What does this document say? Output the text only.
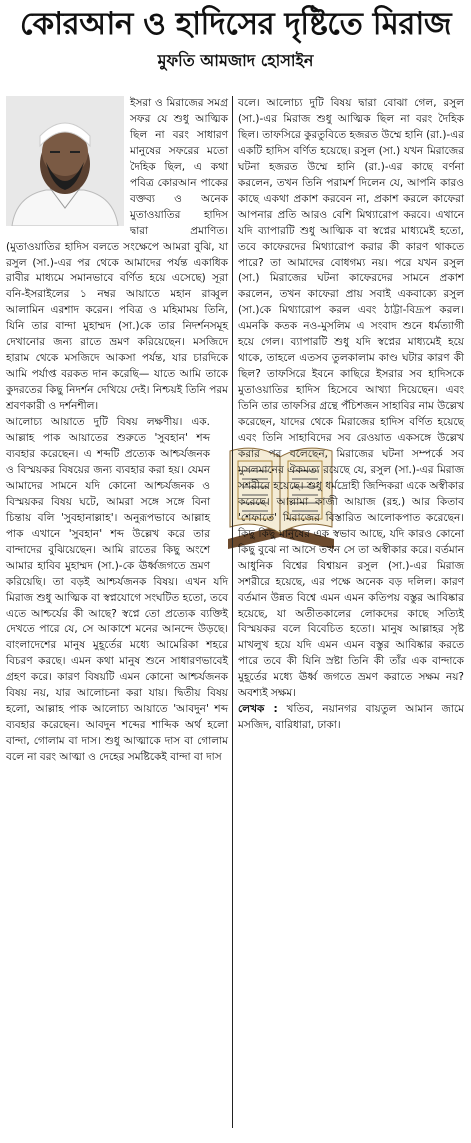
কোরআন ও হাদিসের দৃষ্টিতে মিরাজ
মুফতি আমজাদ হোসাইন

ইসরা ও মিরাজের সমগ্র সফর যে শুধু আত্মিক ছিল না বরং সাধারণ মানুষের সফরের মতো দৈহিক ছিল, এ কথা পবিত্র কোরআন পাকের বক্তব্য ও অনেক মুতাওয়াতির হাদিস দ্বারা প্রমাণিত। (মুতাওয়াতির হাদিস বলতে সংক্ষেপে আমরা বুঝি, যা রসুল (সা.)-এর পর থেকে আমাদের পর্যন্ত একাধিক রাবীর মাধ্যমে সমানভাবে বর্ণিত হয়ে এসেছে) সূরা বনি-ইসরাইলের ১ নম্বর আয়াতে মহান রাব্বুল আলামিন এরশাদ করেন। পবিত্র ও মহিমাময় তিনি, যিনি তার বান্দা মুহাম্মদ (সা.)কে তার নিদর্শনসমূহ দেখানোর জন্য রাতে ভ্রমণ করিয়েছেন। মসজিদে হারাম থেকে মসজিদে আকসা পর্যন্ত, যার চারদিকে আমি পর্যাপ্ত বরকত দান করেছি— যাতে আমি তাকে কুদরতের কিছু নিদর্শন দেখিয়ে দেই। নিশ্চয়ই তিনি পরম শ্রবণকারী ও দর্শনশীল।

আলোচ্য আয়াতে দুটি বিষয় লক্ষণীয়। এক. আল্লাহ পাক আয়াতের শুরুতে 'সুবহান' শব্দ ব্যবহার করেছেন। এ শব্দটি প্রত্যেক আশ্চর্যজনক ও বিস্ময়কর বিষয়ের জন্য ব্যবহার করা হয়। যেমন আমাদের সামনে যদি কোনো আশ্চর্যজনক ও বিস্ময়কর বিষয় ঘটে, আমরা সঙ্গে সঙ্গে বিনা চিন্তায় বলি 'সুবহানাল্লাহ'। অনুরূপভাবে আল্লাহ পাক এখানে 'সুবহান' শব্দ উল্লেখ করে তার বান্দাদের বুঝিয়েছেন। আমি রাতের কিছু অংশে আমার হাবিব মুহাম্মদ (সা.)-কে ঊর্ধ্বজগতে ভ্রমণ করিয়েছি। তা বড়ই আশ্চর্যজনক বিষয়। এখন যদি মিরাজ শুধু আত্মিক বা স্বপ্নযোগে সংঘটিত হতো, তবে এতে আশ্চর্যের কী আছে? স্বপ্নে তো প্রত্যেক ব্যক্তিই দেখতে পারে যে, সে আকাশে মনের আনন্দে উড়ছে। বাংলাদেশের মানুষ মুহূর্তের মধ্যে আমেরিকা শহরে বিচরণ করছে। এমন কথা মানুষ শুনে সাধারণভাবেই গ্রহণ করে। কারণ বিষয়টি এমন কোনো আশ্চর্যজনক বিষয় নয়, যার আলোচনা করা যায়। দ্বিতীয় বিষয় হলো, আল্লাহ পাক আলোচ্য আয়াতে 'আবদুন' শব্দ ব্যবহার করেছেন। আবদুন শব্দের শাব্দিক অর্থ হলো বান্দা, গোলাম বা দাস। শুধু আত্মাকে দাস বা গোলাম বলে না বরং আত্মা ও দেহের সমষ্টিকেই বান্দা বা দাস

বলে। আলোচ্য দুটি বিষয় দ্বারা বোঝা গেল, রসুল (সা.)-এর মিরাজ শুধু আত্মিক ছিল না বরং দৈহিক ছিল। তাফসিরে কুরতুবিতে হজরত উম্মে হানি (রা.)-এর একটি হাদিস বর্ণিত হয়েছে। রসুল (সা.) যখন মিরাজের ঘটনা হজরত উম্মে হানি (রা.)-এর কাছে বর্ণনা করলেন, তখন তিনি পরামর্শ দিলেন যে, আপনি কারও কাছে একথা প্রকাশ করবেন না, প্রকাশ করলে কাফেরা আপনার প্রতি আরও বেশি মিথ্যারোপ করবে। এখানে যদি ব্যাপারটি শুধু আত্মিক বা স্বপ্নের মাধ্যমেই হতো, তবে কাফেরদের মিথ্যারোপ করার কী কারণ থাকতে পারে? তা আমাদের বোধগম্য নয়। পরে যখন রসুল (সা.) মিরাজের ঘটনা কাফেরদের সামনে প্রকাশ করলেন, তখন কাফেরা প্রায় সবাই একবাক্যে রসুল (সা.)কে মিথ্যারোপ করল এবং ঠাট্টা-বিদ্রূপ করল। এমনকি কতক নও-মুসলিম এ সংবাদ শুনে ধর্মত্যাগী হয়ে গেল। ব্যাপারটি শুধু যদি স্বপ্নের মাধ্যমেই হয়ে থাকে, তাহলে এতসব তুলকালাম কাণ্ড ঘটার কারণ কী ছিল? তাফসিরে ইবনে কাছিরে ইসরার সব হাদিসকে মুতাওয়াতির হাদিস হিসেবে আখ্যা দিয়েছেন। এবং তিনি তার তাফসির গ্রন্থে পঁচিশজন সাহাবির নাম উল্লেখ করেছেন, যাদের থেকে মিরাজের হাদিস বর্ণিত হয়েছে এবং তিনি সাহাবিদের সব রেওয়াত একসঙ্গে উল্লেখ করার পর বলেছেন, মিরাজের ঘটনা সম্পর্কে সব মুসলমানের ঐকমত্য রয়েছে যে, রসুল (সা.)-এর মিরাজ সশরীরে হয়েছে। শুধু ধর্মদ্রোহী জিন্দিকরা একে অস্বীকার করেছে। আল্লামা কাজী আয়াজ (রহ.) আর কিতাব 'শেফাতে' মিরাজের বিস্তারিত আলোকপাত করেছেন। কিছু কিছু মানুষের এক স্বভাব আছে, যদি কারও কোনো কিছু বুঝে না আসে তখন সে তা অস্বীকার করে। বর্তমান আধুনিক বিশ্বের বিশ্বায়ন রসুল (সা.)-এর মিরাজ সশরীরে হয়েছে, এর পক্ষে অনেক বড় দলিল। কারণ বর্তমান উন্নত বিশ্বে এমন এমন কতিপয় বস্তুর আবিষ্কার হয়েছে, যা অতীতকালের লোকদের কাছে সত্যিই বিস্ময়কর বলে বিবেচিত হতো। মানুষ আল্লাহর সৃষ্ট মাখলুখ হয়ে যদি এমন এমন বস্তুর আবিষ্কার করতে পারে তবে কী যিনি স্রষ্টা তিনি কী তাঁর এক বান্দাকে মুহূর্তের মধ্যে ঊর্ধ্ব জগতে ভ্রমণ করাতে সক্ষম নয়? অবশ্যই সক্ষম।

লেখক : খতিব, নয়ানগর বায়তুল আমান জামে মসজিদ, বারিধারা, ঢাকা।
